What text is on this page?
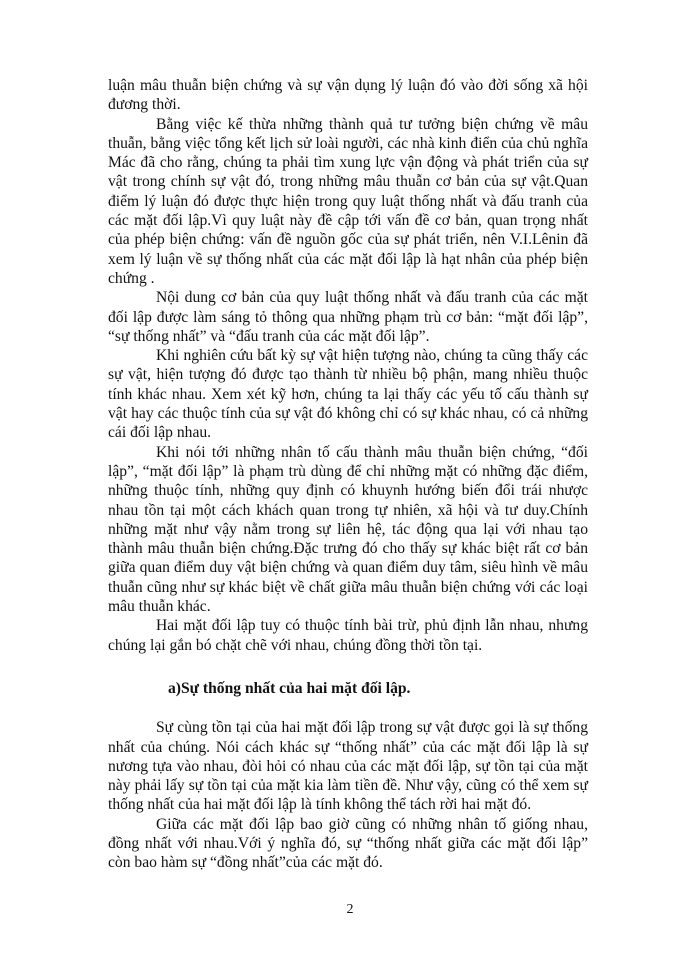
luận mâu thuẫn biện chứng và sự vận dụng lý luận đó vào đời sống xã hội đương thời.

Bằng việc kế thừa những thành quả tư tưởng biện chứng về mâu thuẫn, bằng việc tổng kết lịch sử loài người, các nhà kinh điển của chủ nghĩa Mác đã cho rằng, chúng ta phải tìm xung lực vận động và phát triển của sự vật trong chính sự vật đó, trong những mâu thuẫn cơ bản của sự vật.Quan điểm lý luận đó được thực hiện trong quy luật thống nhất và đấu tranh của các mặt đối lập.Vì quy luật này đề cập tới vấn đề cơ bản, quan trọng nhất của phép biện chứng: vấn đề nguồn gốc của sự phát triển, nên V.I.Lênin đã xem lý luận về sự thống nhất của các mặt đối lập là hạt nhân của phép biện chứng .

Nội dung cơ bản của quy luật thống nhất và đấu tranh của các mặt đối lập được làm sáng tỏ thông qua những phạm trù cơ bản: “mặt đối lập”, “sự thống nhất” và “đấu tranh của các mặt đối lập”.

Khi nghiên cứu bất kỳ sự vật hiện tượng nào, chúng ta cũng thấy các sự vật, hiện tượng đó được tạo thành từ nhiều bộ phận, mang nhiều thuộc tính khác nhau. Xem xét kỹ hơn, chúng ta lại thấy các yếu tố cấu thành sự vật hay các thuộc tính của sự vật đó không chỉ có sự khác nhau, có cả những cái đối lập nhau.

Khi nói tới những nhân tố cấu thành mâu thuẫn biện chứng, “đối lập”, “mặt đối lập” là phạm trù dùng để chỉ những mặt có những đặc điểm, những thuộc tính, những quy định có khuynh hướng biến đổi trái nhược nhau tồn tại một cách khách quan trong tự nhiên, xã hội và tư duy.Chính những mặt như vậy nằm trong sự liên hệ, tác động qua lại với nhau tạo thành mâu thuẫn biện chứng.Đặc trưng đó cho thấy sự khác biệt rất cơ bản giữa quan điểm duy vật biện chứng và quan điểm duy tâm, siêu hình về mâu thuẫn cũng như sự khác biệt về chất giữa mâu thuẫn biện chứng với các loại mâu thuẫn khác.

Hai mặt đối lập tuy có thuộc tính bài trừ, phủ định lẫn nhau, nhưng chúng lại gắn bó chặt chẽ với nhau, chúng đồng thời tồn tại.

a)Sự thống nhất của hai mặt đối lập.

Sự cùng tồn tại của hai mặt đối lập trong sự vật được gọi là sự thống nhất của chúng. Nói cách khác sự “thống nhất” của các mặt đối lập là sự nương tựa vào nhau, đòi hỏi có nhau của các mặt đối lập, sự tồn tại của mặt này phải lấy sự tồn tại của mặt kia làm tiền đề. Như vậy, cũng có thể xem sự thống nhất của hai mặt đối lập là tính không thể tách rời hai mặt đó.

Giữa các mặt đối lập bao giờ cũng có những nhân tố giống nhau, đồng nhất với nhau.Với ý nghĩa đó, sự “thống nhất giữa các mặt đối lập” còn bao hàm sự “đồng nhất”của các mặt đó.

2
